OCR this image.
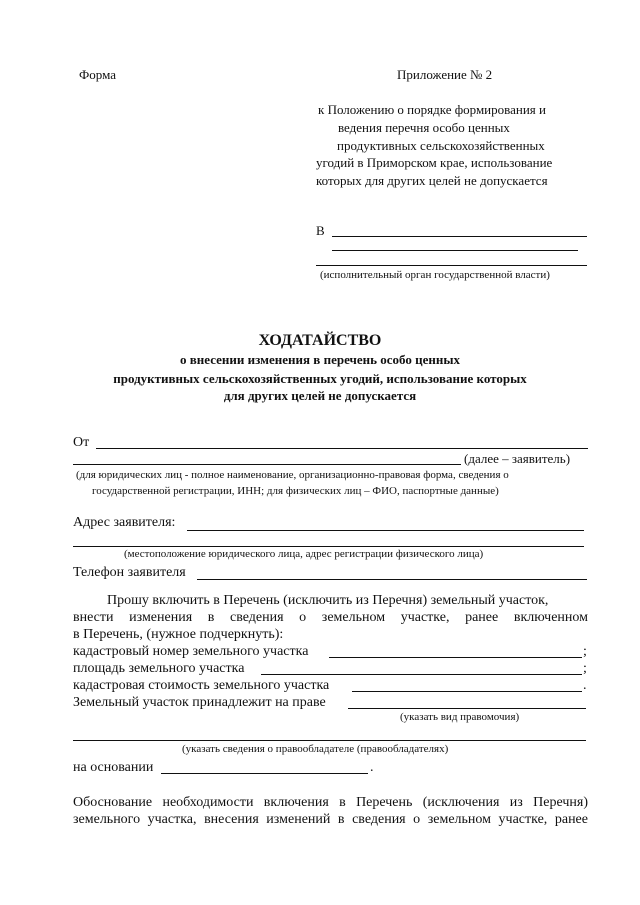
Форма	Приложение № 2
к Положению о порядке формирования и
ведения перечня особо ценных
продуктивных сельскохозяйственных
угодий в Приморском крае, использование
которых для других целей не допускается
В
(исполнительный орган государственной власти)
ХОДАТАЙСТВО
о внесении изменения в перечень особо ценных
продуктивных сельскохозяйственных угодий, использование которых
для других целей не допускается
От
(далее – заявитель)
(для юридических лиц - полное наименование, организационно-правовая форма, сведения о
государственной регистрации, ИНН; для физических лиц – ФИО, паспортные данные)
Адрес заявителя:
(местоположение юридического лица, адрес регистрации физического лица)
Телефон заявителя
Прошу включить в Перечень (исключить из Перечня) земельный участок,
внести изменения в сведения о земельном участке, ранее включенном
в Перечень, (нужное подчеркнуть):
кадастровый номер земельного участка	;
площадь земельного участка	;
кадастровая стоимость земельного участка	.
Земельный участок принадлежит на праве
(указать вид правомочия)
(указать сведения о правообладателе (правообладателях)
на основании	.
Обоснование необходимости включения в Перечень (исключения из Перечня)
земельного участка, внесения изменений в сведения о земельном участке, ранее
